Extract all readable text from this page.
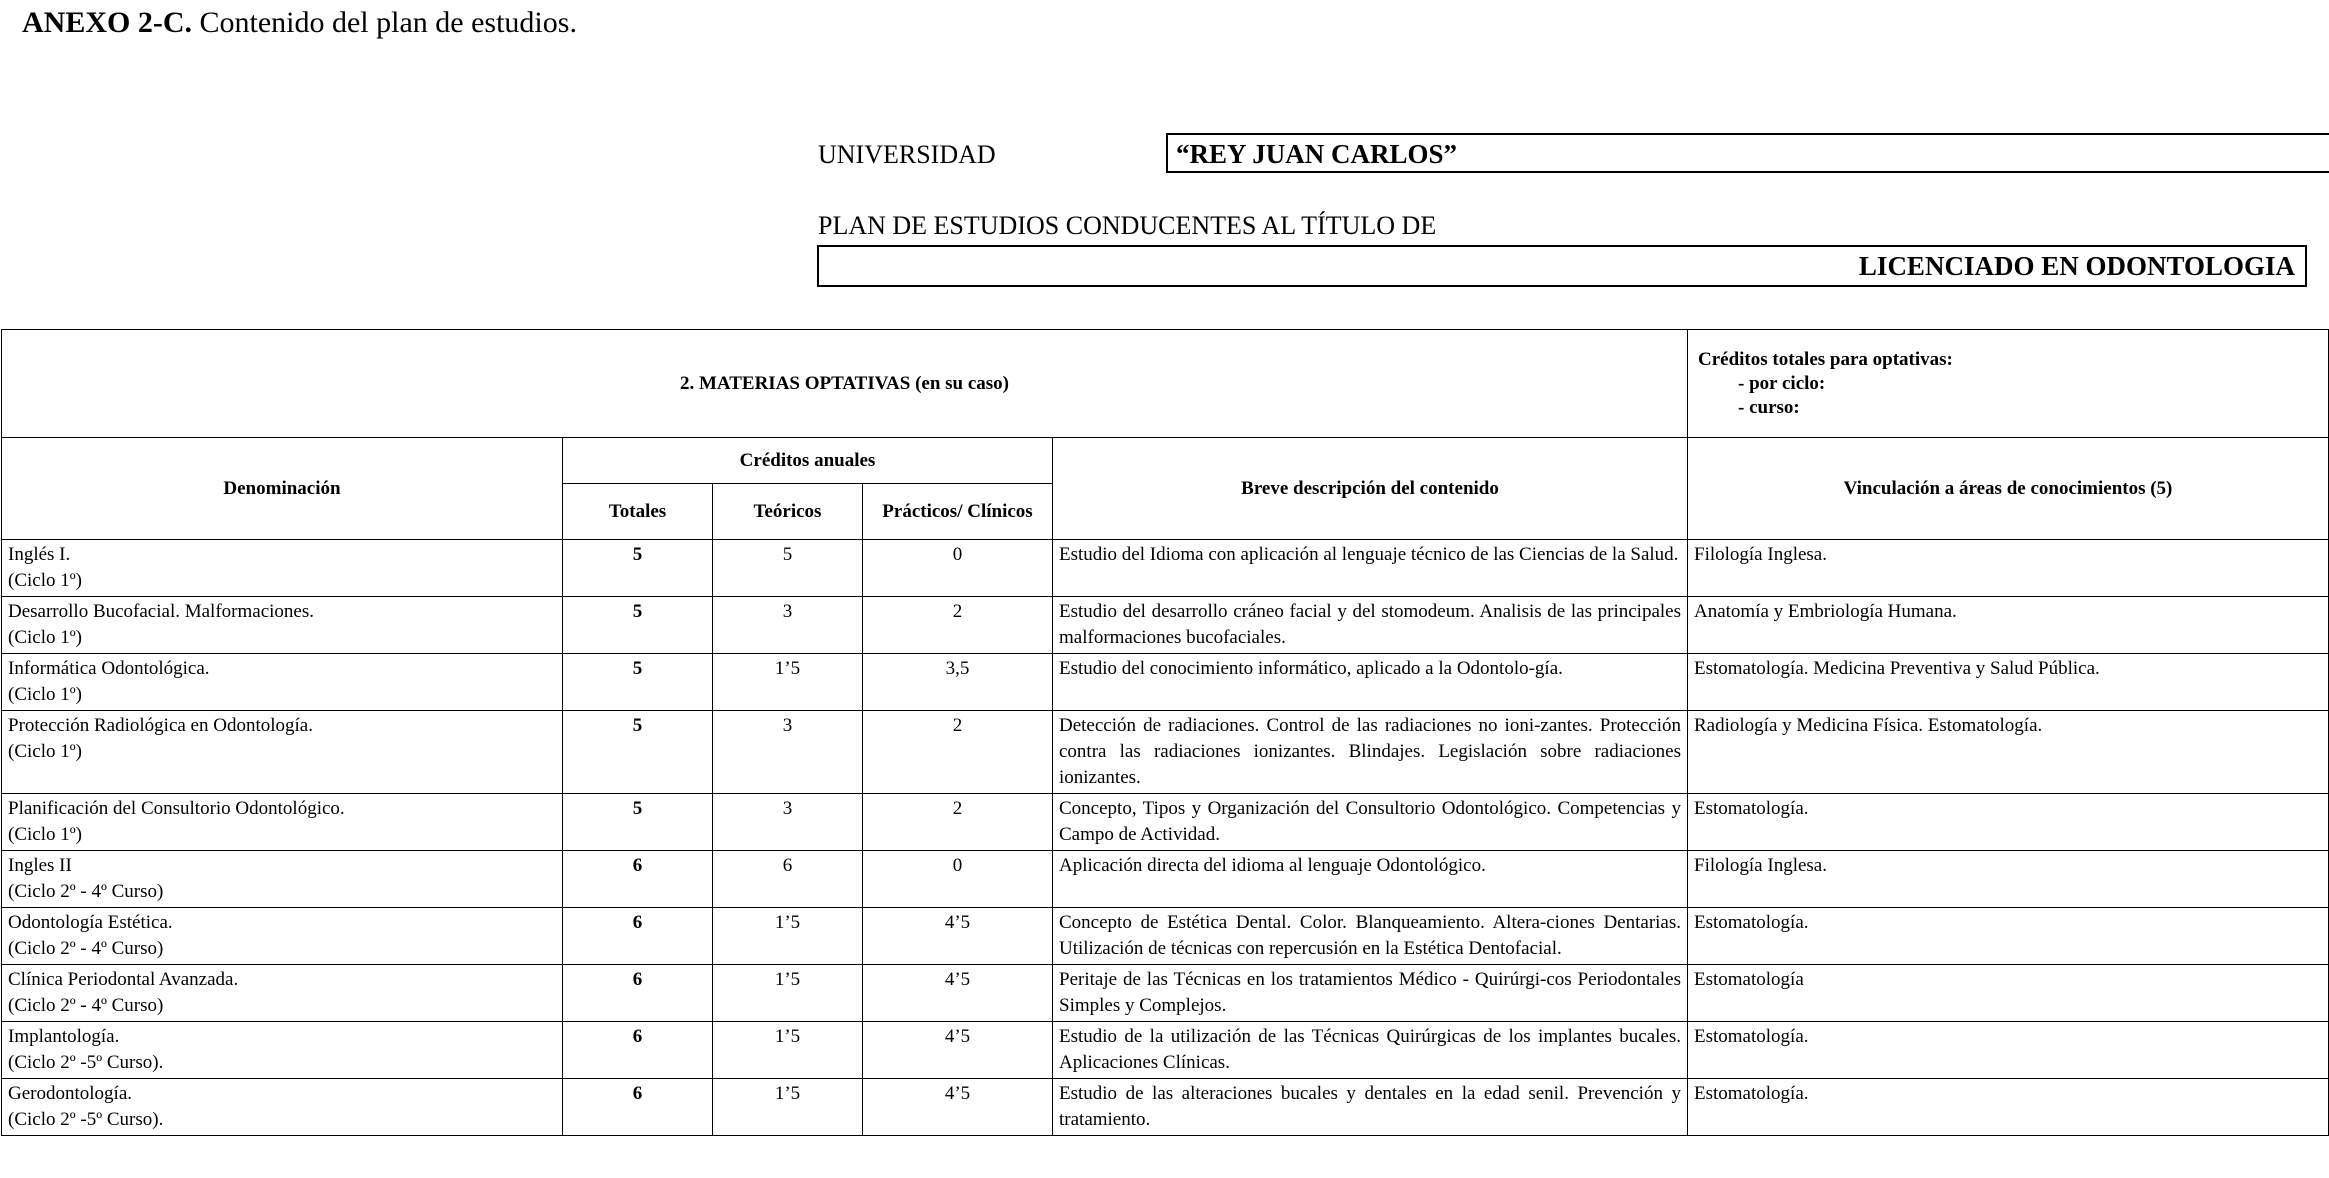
ANEXO 2-C. Contenido del plan de estudios.
UNIVERSIDAD	“REY JUAN CARLOS”
PLAN DE ESTUDIOS CONDUCENTES AL TÍTULO DE
LICENCIADO EN ODONTOLOGIA
2. MATERIAS OPTATIVAS (en su caso)					Créditos totales para optativas:
- por ciclo:
- curso:

Denominación	Créditos anuales			Breve descripción del contenido	Vinculación a áreas de conocimientos (5)
	Totales	Teóricos	Prácticos/ Clínicos		

Inglés I.
(Ciclo 1º)	5	5	0	Estudio del Idioma con aplicación al lenguaje técnico de las Ciencias de la Salud.	Filología Inglesa.

Desarrollo Bucofacial. Malformaciones.
(Ciclo 1º)	5	3	2	Estudio del desarrollo cráneo facial y del stomodeum. Analisis de las principales malformaciones bucofaciales.	Anatomía y Embriología Humana.

Informática Odontológica.
(Ciclo 1º)	5	1’5	3,5	Estudio del conocimiento informático, aplicado a la Odontolo-gía.	Estomatología. Medicina Preventiva y Salud Pública.

Protección Radiológica en Odontología.
(Ciclo 1º)	5	3	2	Detección de radiaciones. Control de las radiaciones no ioni-zantes. Protección contra las radiaciones ionizantes. Blindajes. Legislación sobre radiaciones ionizantes.	Radiología y Medicina Física. Estomatología.

Planificación del Consultorio Odontológico.
(Ciclo 1º)	5	3	2	Concepto, Tipos y Organización del Consultorio Odontológico. Competencias y Campo de Actividad.	Estomatología.

Ingles II
(Ciclo 2º - 4º Curso)	6	6	0	Aplicación directa del idioma al lenguaje Odontológico.	Filología Inglesa.

Odontología Estética.
(Ciclo 2º - 4º Curso)	6	1’5	4’5	Concepto de Estética Dental. Color. Blanqueamiento. Altera-ciones Dentarias. Utilización de técnicas con repercusión en la Estética Dentofacial.	Estomatología.

Clínica Periodontal Avanzada.
(Ciclo 2º - 4º Curso)	6	1’5	4’5	Peritaje de las Técnicas en los tratamientos Médico - Quirúrgi-cos Periodontales Simples y Complejos.	Estomatología

Implantología.
(Ciclo 2º -5º Curso).	6	1’5	4’5	Estudio de la utilización de las Técnicas Quirúrgicas de los implantes bucales. Aplicaciones Clínicas.	Estomatología.

Gerodontología.
(Ciclo 2º -5º Curso).	6	1’5	4’5	Estudio de las alteraciones bucales y dentales en la edad senil. Prevención y tratamiento.	Estomatología.
